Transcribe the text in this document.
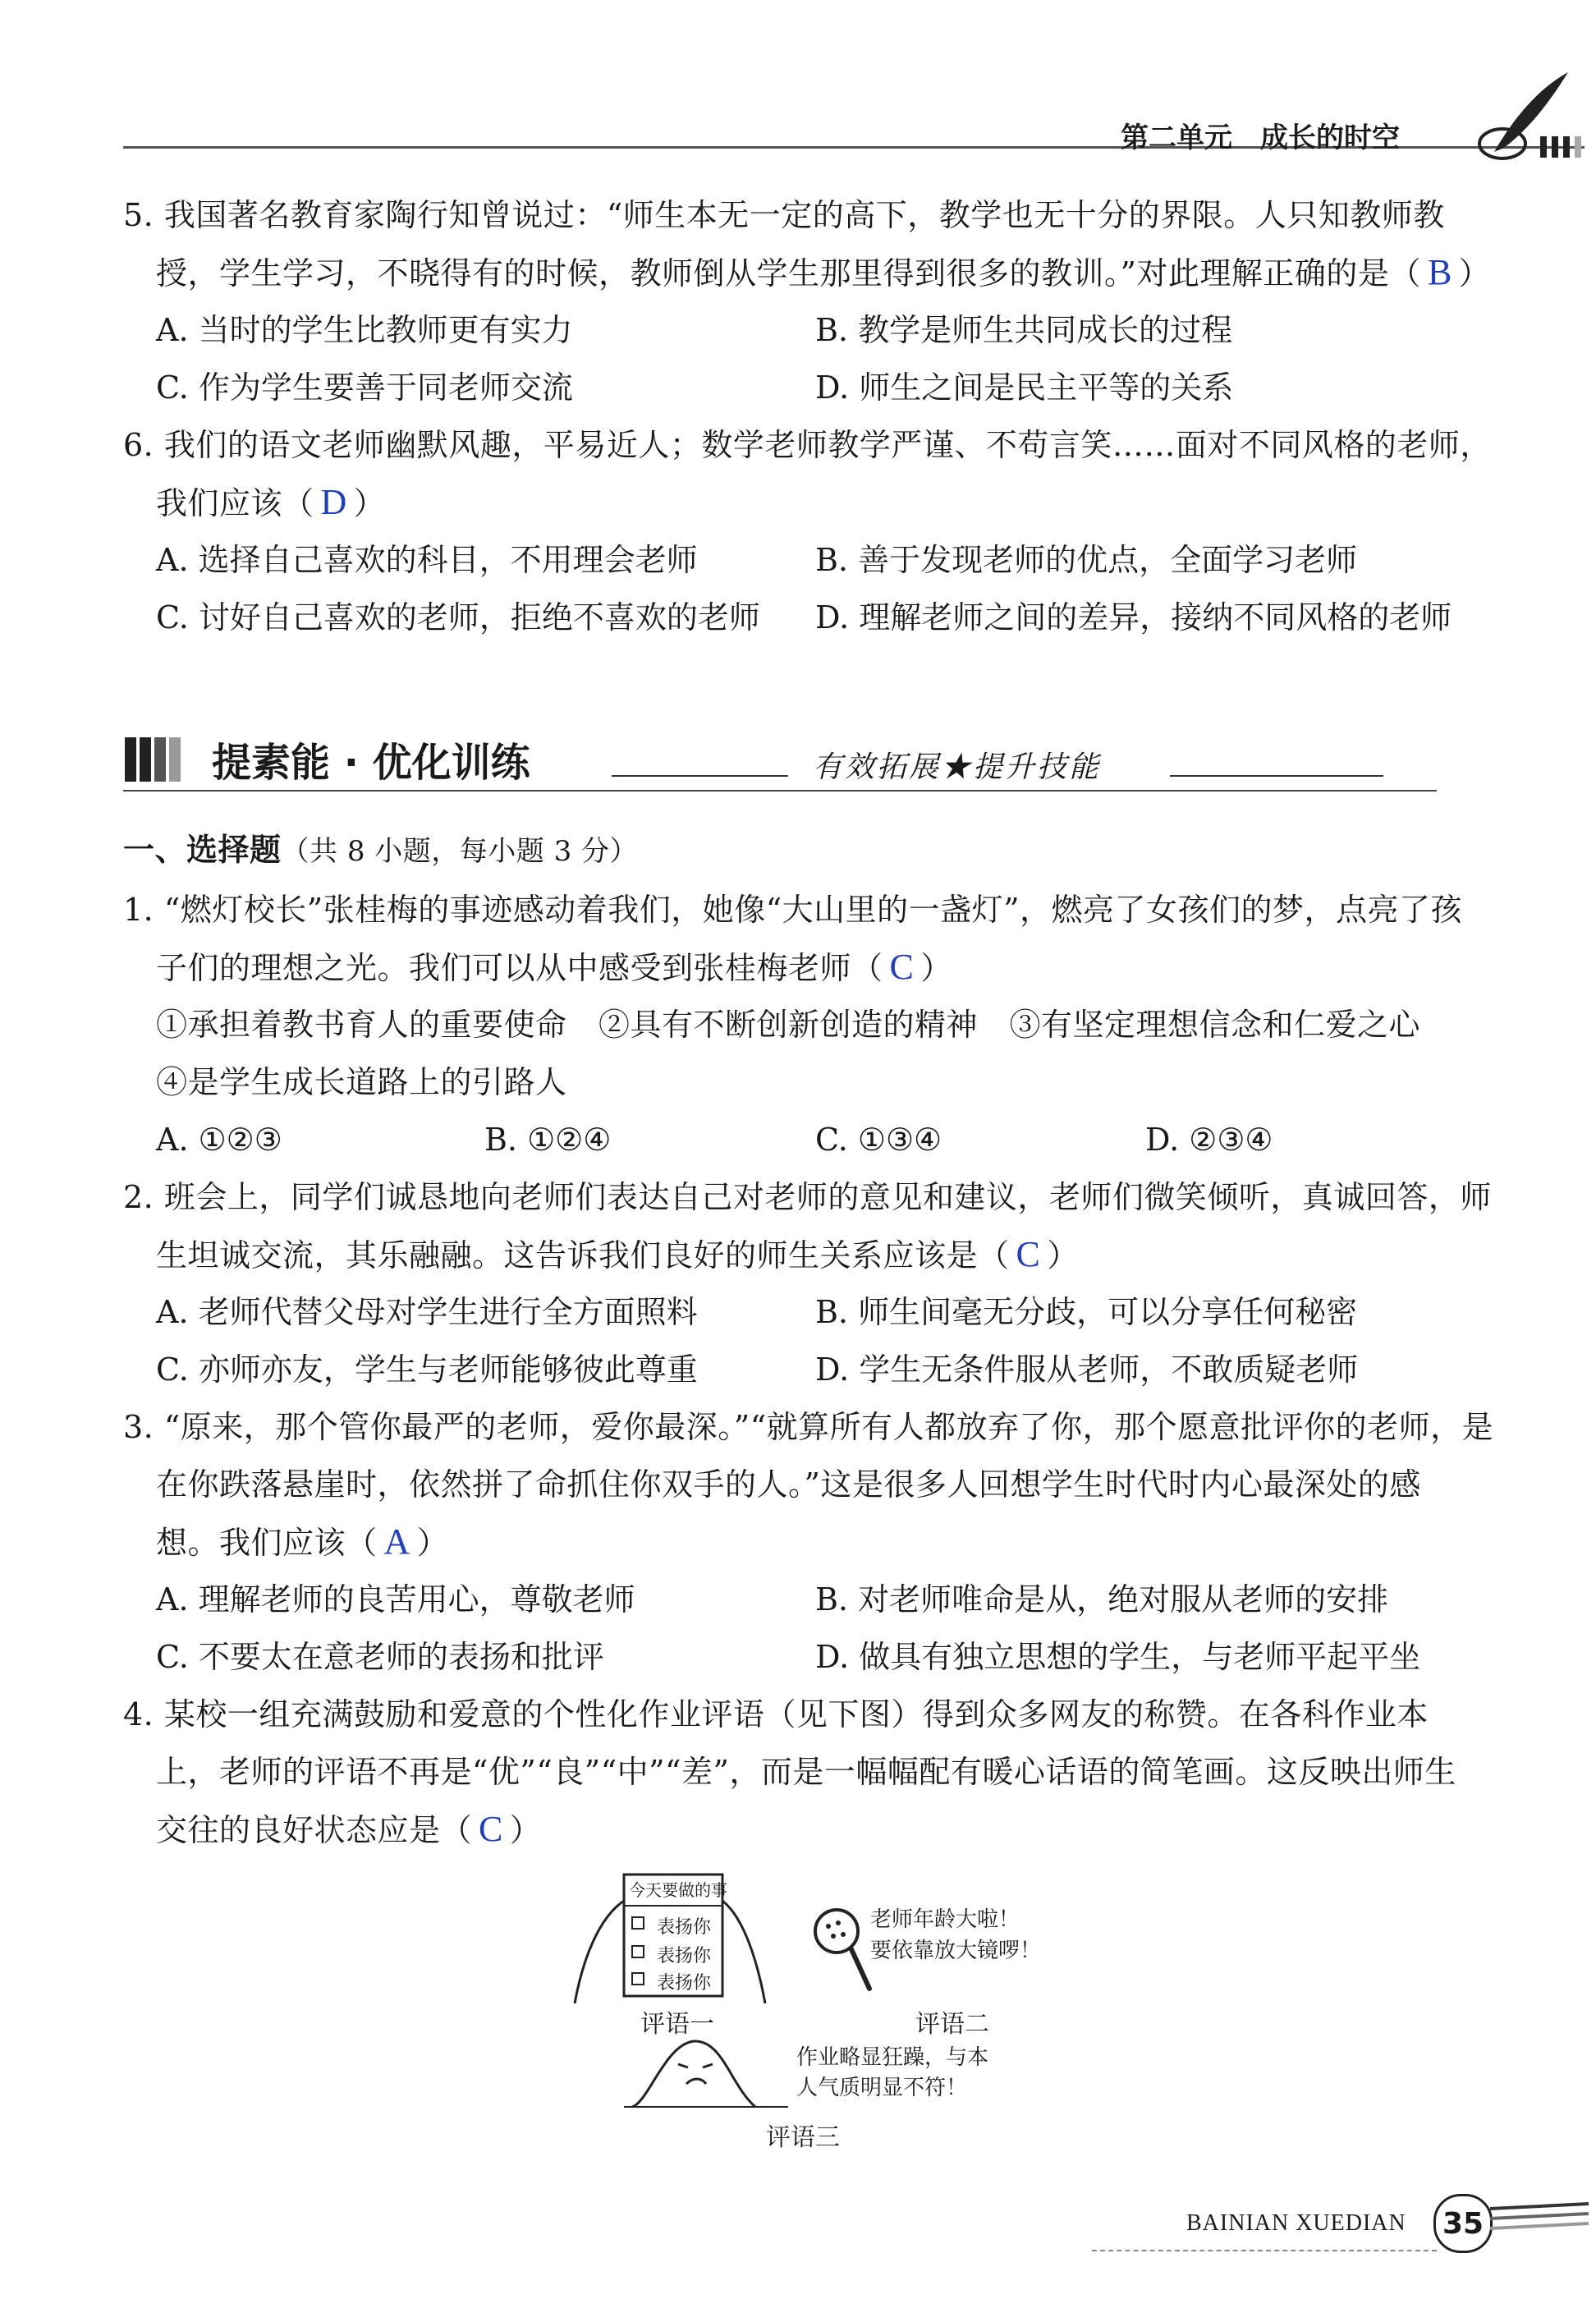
第二单元　成长的时空
5. 我国著名教育家陶行知曾说过：“师生本无一定的高下，教学也无十分的界限。人只知教师教
授，学生学习，不晓得有的时候，教师倒从学生那里得到很多的教训。”对此理解正确的是（ B ）
A. 当时的学生比教师更有实力	B. 教学是师生共同成长的过程
C. 作为学生要善于同老师交流	D. 师生之间是民主平等的关系
6. 我们的语文老师幽默风趣，平易近人；数学老师教学严谨、不苟言笑……面对不同风格的老师，
我们应该（ D ）
A. 选择自己喜欢的科目，不用理会老师	B. 善于发现老师的优点，全面学习老师
C. 讨好自己喜欢的老师，拒绝不喜欢的老师 D. 理解老师之间的差异，接纳不同风格的老师
提素能 · 优化训练	有效拓展★提升技能
一、选择题（共 8 小题，每小题 3 分）
1. “燃灯校长”张桂梅的事迹感动着我们，她像“大山里的一盏灯”，燃亮了女孩们的梦，点亮了孩
子们的理想之光。我们可以从中感受到张桂梅老师（ C ）
①承担着教书育人的重要使命　②具有不断创新创造的精神　③有坚定理想信念和仁爱之心
④是学生成长道路上的引路人
A. ①②③	B. ①②④	C. ①③④	D. ②③④
2. 班会上，同学们诚恳地向老师们表达自己对老师的意见和建议，老师们微笑倾听，真诚回答，师
生坦诚交流，其乐融融。这告诉我们良好的师生关系应该是（ C ）
A. 老师代替父母对学生进行全方面照料	B. 师生间毫无分歧，可以分享任何秘密
C. 亦师亦友，学生与老师能够彼此尊重	D. 学生无条件服从老师，不敢质疑老师
3. “原来，那个管你最严的老师，爱你最深。”“就算所有人都放弃了你，那个愿意批评你的老师，是
在你跌落悬崖时，依然拼了命抓住你双手的人。”这是很多人回想学生时代时内心最深处的感
想。我们应该（ A ）
A. 理解老师的良苦用心，尊敬老师	B. 对老师唯命是从，绝对服从老师的安排
C. 不要太在意老师的表扬和批评	D. 做具有独立思想的学生，与老师平起平坐
4. 某校一组充满鼓励和爱意的个性化作业评语（见下图）得到众多网友的称赞。在各科作业本
上，老师的评语不再是“优”“良”“中”“差”，而是一幅幅配有暖心话语的简笔画。这反映出师生
交往的良好状态应是（ C ）
今天要做的事
表扬你
表扬你
表扬你
评语一
老师年龄大啦！
要依靠放大镜啰！
评语二
作业略显狂躁，与本
人气质明显不符！
评语三
BAINIAN XUEDIAN 35
